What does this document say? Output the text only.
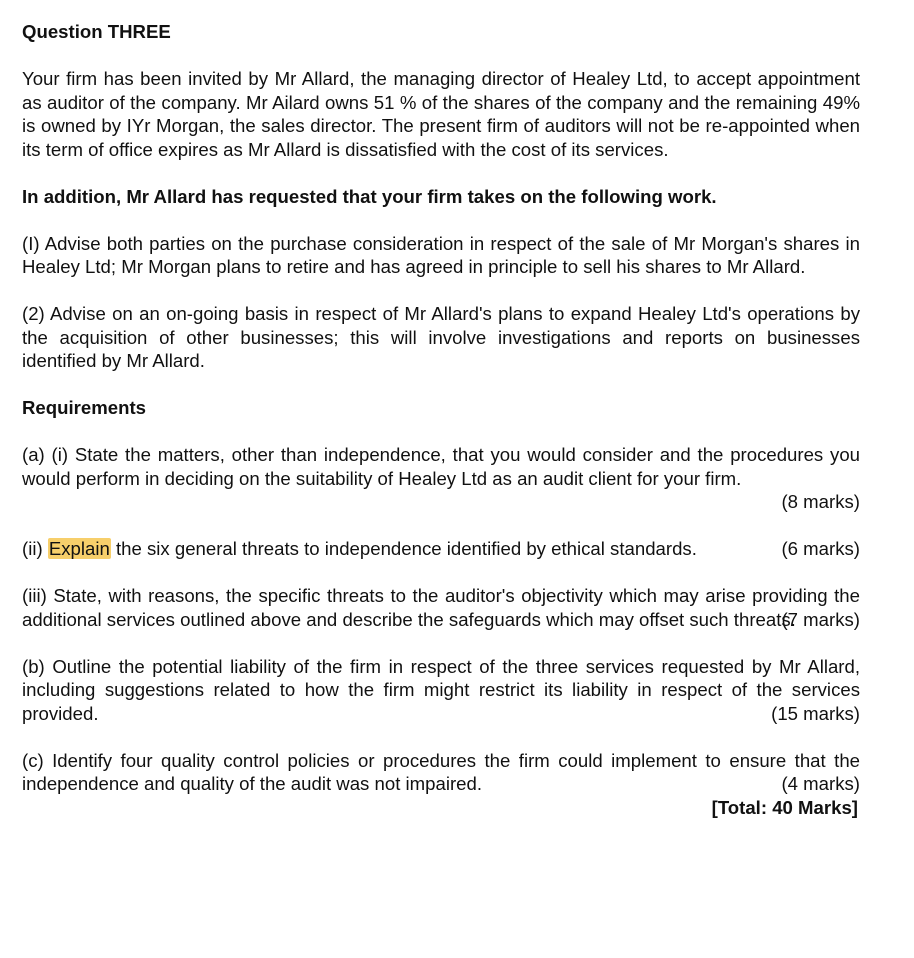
Question THREE

Your firm has been invited by Mr Allard, the managing director of Healey Ltd, to accept appointment as auditor of the company. Mr Ailard owns 51 % of the shares of the company and the remaining 49% is owned by IYr Morgan, the sales director. The present firm of auditors will not be re-appointed when its term of office expires as Mr Allard is dissatisfied with the cost of its services.

In addition, Mr Allard has requested that your firm takes on the following work.

(I) Advise both parties on the purchase consideration in respect of the sale of Mr Morgan's shares in Healey Ltd; Mr Morgan plans to retire and has agreed in principle to sell his shares to Mr Allard.

(2) Advise on an on-going basis in respect of Mr Allard's plans to expand Healey Ltd's operations by the acquisition of other businesses; this will involve investigations and reports on businesses identified by Mr Allard.

Requirements

(a) (i) State the matters, other than independence, that you would consider and the procedures you would perform in deciding on the suitability of Healey Ltd as an audit client for your firm.

(8 marks)

(ii) Explain the six general threats to independence identified by ethical standards.	(6 marks)

(iii) State, with reasons, the specific threats to the auditor's objectivity which may arise providing the additional services outlined above and describe the safeguards which may offset such threats.

(7 marks)

(b) Outline the potential liability of the firm in respect of the three services requested by Mr Allard, including suggestions related to how the firm might restrict its liability in respect of the services provided.	(15 marks)

(c) Identify four quality control policies or procedures the firm could implement to ensure that the independence and quality of the audit was not impaired.	(4 marks)

[Total: 40 Marks]
